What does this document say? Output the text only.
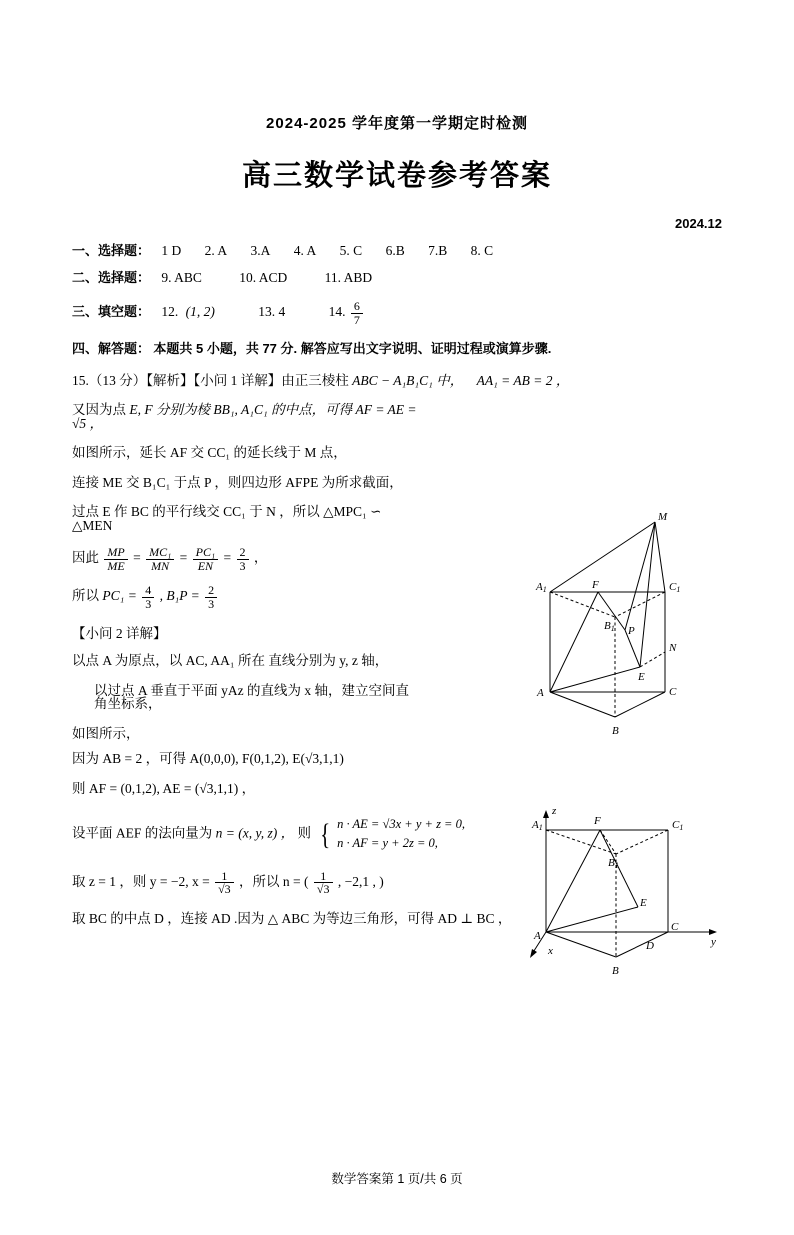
2024-2025 学年度第一学期定时检测
高三数学试卷参考答案
2024.12
一、选择题： 1 D 2. A 3.A 4. A 5. C 6.B 7.B 8. C
二、选择题： 9. ABC	10. ACD	11. ABD
三、填空题： 12. (1, 2)	13. 4	14. $\frac{6}{7}$
四、解答题： 本题共 5 小题，共 77 分. 解答应写出文字说明、证明过程或演算步骤.
15.（13 分）【解析】【小问 1 详解】由正三棱柱 ABC − A₁B₁C₁ 中， AA₁ = AB = 2 ，
又因为点 E, F 分别为棱 BB₁, A₁C₁ 的中点，可得 AF = AE = √5 ，
如图所示，延长 AF 交 CC₁ 的延长线于 M 点，
连接 ME 交 B₁C₁ 于点 P ，则四边形 AFPE 为所求截面，
过点 E 作 BC 的平行线交 CC₁ 于 N ，所以 △MPC₁ ∽ △MEN
因此 $\frac{MP}{ME} = \frac{\text{MC₁}}{MN} = \frac{\text{PC₁}}{EN} = \frac{2}{3}$ ，
所以 $PC_1 = \frac{4}{3}$ , $B_1P = \frac{2}{3}$
【小问 2 详解】
以点 A 为原点，以 AC, AA₁ 所在 直线分别为 y, z 轴，
以过点 A 垂直于平面 yAz 的直线为 x 轴，建立空间直角坐标系，
如图所示，
因为 AB = 2 ，可得 A(0,0,0), F(0,1,2), E(√3,1,1)
则 AF = (0,1,2), AE = (√3,1,1) ，
设平面 AEF 的法向量为 n = (x, y, z) ， 则 { n · AE = √3x + y + z = 0,
n · AF = y + 2z = 0,
取 z = 1 ，则 y = −2, $x = \frac{1}{√3}$ ，所以 n = ( $\frac{1}{√3}$ , −2,1 , )
取 BC 的中点 D ，连接 AD .因为 △ ABC 为等边三角形，可得 AD ⊥ BC ，
M
A1	F	C1
B1 P
N
A
E
C
B
z
F	C1
A1
B1
E
A
C
y
x	D
B
数学答案第 1 页/共 6 页
